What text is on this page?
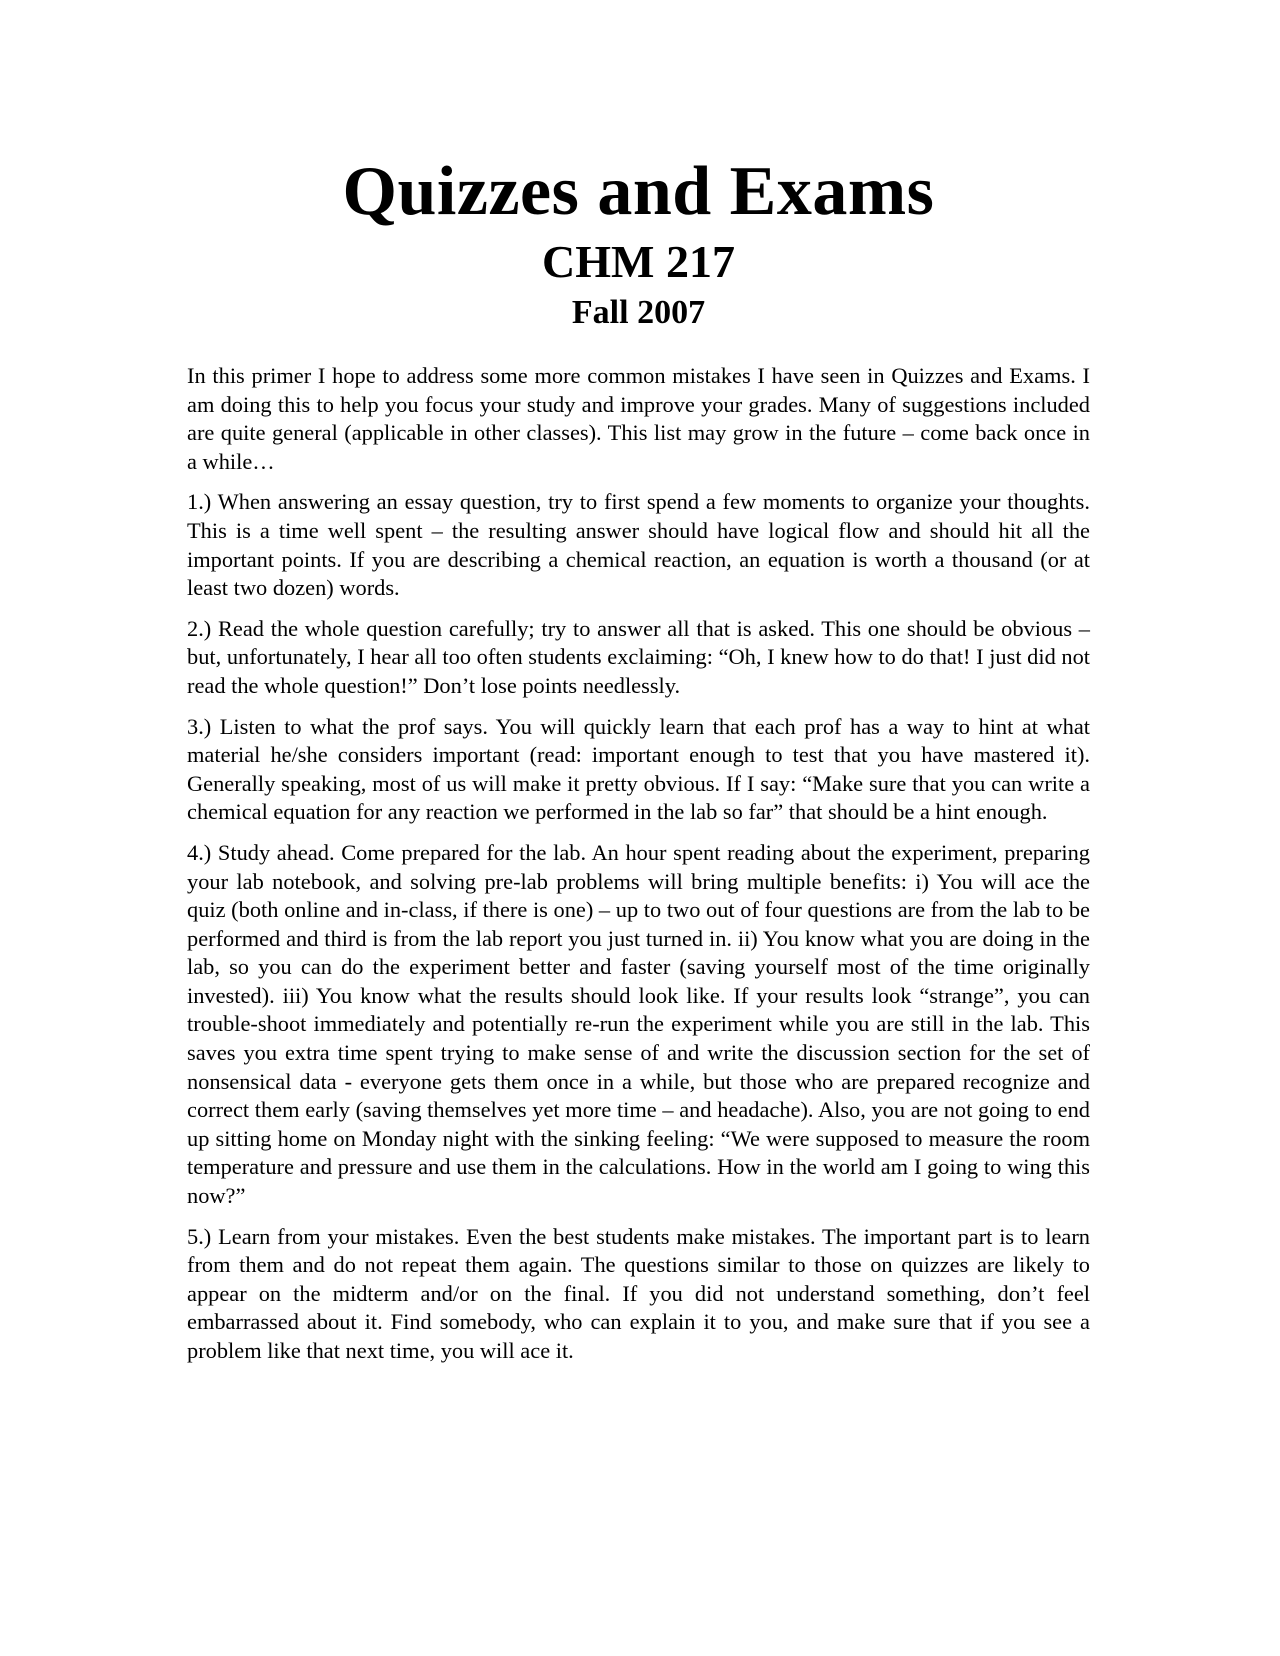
Quizzes and Exams
CHM 217
Fall 2007

In this primer I hope to address some more common mistakes I have seen in Quizzes and Exams. I am doing this to help you focus your study and improve your grades. Many of suggestions included are quite general (applicable in other classes). This list may grow in the future – come back once in a while…

1.) When answering an essay question, try to first spend a few moments to organize your thoughts. This is a time well spent – the resulting answer should have logical flow and should hit all the important points. If you are describing a chemical reaction, an equation is worth a thousand (or at least two dozen) words.

2.) Read the whole question carefully; try to answer all that is asked. This one should be obvious – but, unfortunately, I hear all too often students exclaiming: “Oh, I knew how to do that! I just did not read the whole question!” Don’t lose points needlessly.

3.) Listen to what the prof says. You will quickly learn that each prof has a way to hint at what material he/she considers important (read: important enough to test that you have mastered it). Generally speaking, most of us will make it pretty obvious. If I say: “Make sure that you can write a chemical equation for any reaction we performed in the lab so far” that should be a hint enough.

4.) Study ahead. Come prepared for the lab. An hour spent reading about the experiment, preparing your lab notebook, and solving pre-lab problems will bring multiple benefits: i) You will ace the quiz (both online and in-class, if there is one) – up to two out of four questions are from the lab to be performed and third is from the lab report you just turned in. ii) You know what you are doing in the lab, so you can do the experiment better and faster (saving yourself most of the time originally invested). iii) You know what the results should look like. If your results look “strange”, you can trouble-shoot immediately and potentially re-run the experiment while you are still in the lab. This saves you extra time spent trying to make sense of and write the discussion section for the set of nonsensical data - everyone gets them once in a while, but those who are prepared recognize and correct them early (saving themselves yet more time – and headache). Also, you are not going to end up sitting home on Monday night with the sinking feeling: “We were supposed to measure the room temperature and pressure and use them in the calculations. How in the world am I going to wing this now?”

5.) Learn from your mistakes. Even the best students make mistakes. The important part is to learn from them and do not repeat them again. The questions similar to those on quizzes are likely to appear on the midterm and/or on the final. If you did not understand something, don’t feel embarrassed about it. Find somebody, who can explain it to you, and make sure that if you see a problem like that next time, you will ace it.
